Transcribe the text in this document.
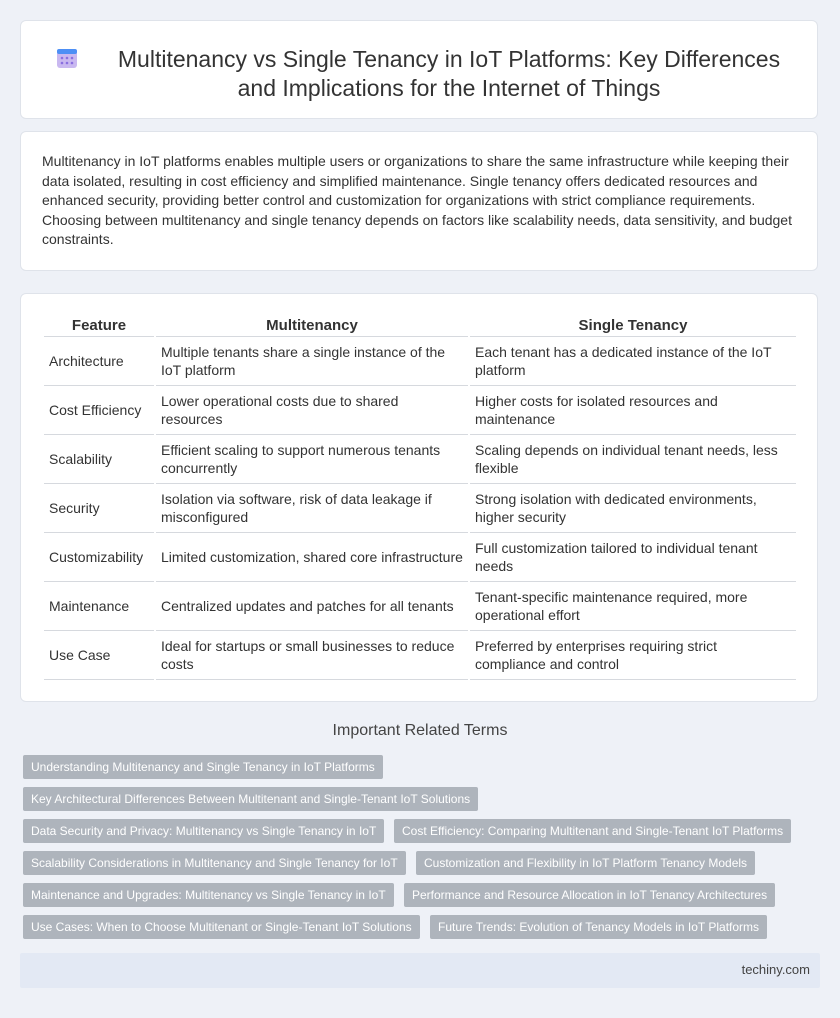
Multitenancy vs Single Tenancy in IoT Platforms: Key Differences and Implications for the Internet of Things

Multitenancy in IoT platforms enables multiple users or organizations to share the same infrastructure while keeping their data isolated, resulting in cost efficiency and simplified maintenance. Single tenancy offers dedicated resources and enhanced security, providing better control and customization for organizations with strict compliance requirements. Choosing between multitenancy and single tenancy depends on factors like scalability needs, data sensitivity, and budget constraints.

Feature	Multitenancy	Single Tenancy
Architecture	Multiple tenants share a single instance of the IoT platform	Each tenant has a dedicated instance of the IoT platform
Cost Efficiency	Lower operational costs due to shared resources	Higher costs for isolated resources and maintenance
Scalability	Efficient scaling to support numerous tenants concurrently	Scaling depends on individual tenant needs, less flexible
Security	Isolation via software, risk of data leakage if misconfigured	Strong isolation with dedicated environments, higher security
Customizability	Limited customization, shared core infrastructure	Full customization tailored to individual tenant needs
Maintenance	Centralized updates and patches for all tenants	Tenant-specific maintenance required, more operational effort
Use Case	Ideal for startups or small businesses to reduce costs	Preferred by enterprises requiring strict compliance and control
Important Related Terms
Understanding Multitenancy and Single Tenancy in IoT Platforms
Key Architectural Differences Between Multitenant and Single-Tenant IoT Solutions
Data Security and Privacy: Multitenancy vs Single Tenancy in IoT	Cost Efficiency: Comparing Multitenant and Single-Tenant IoT Platforms
Scalability Considerations in Multitenancy and Single Tenancy for IoT	Customization and Flexibility in IoT Platform Tenancy Models
Maintenance and Upgrades: Multitenancy vs Single Tenancy in IoT	Performance and Resource Allocation in IoT Tenancy Architectures
Use Cases: When to Choose Multitenant or Single-Tenant IoT Solutions	Future Trends: Evolution of Tenancy Models in IoT Platforms
techiny.com
